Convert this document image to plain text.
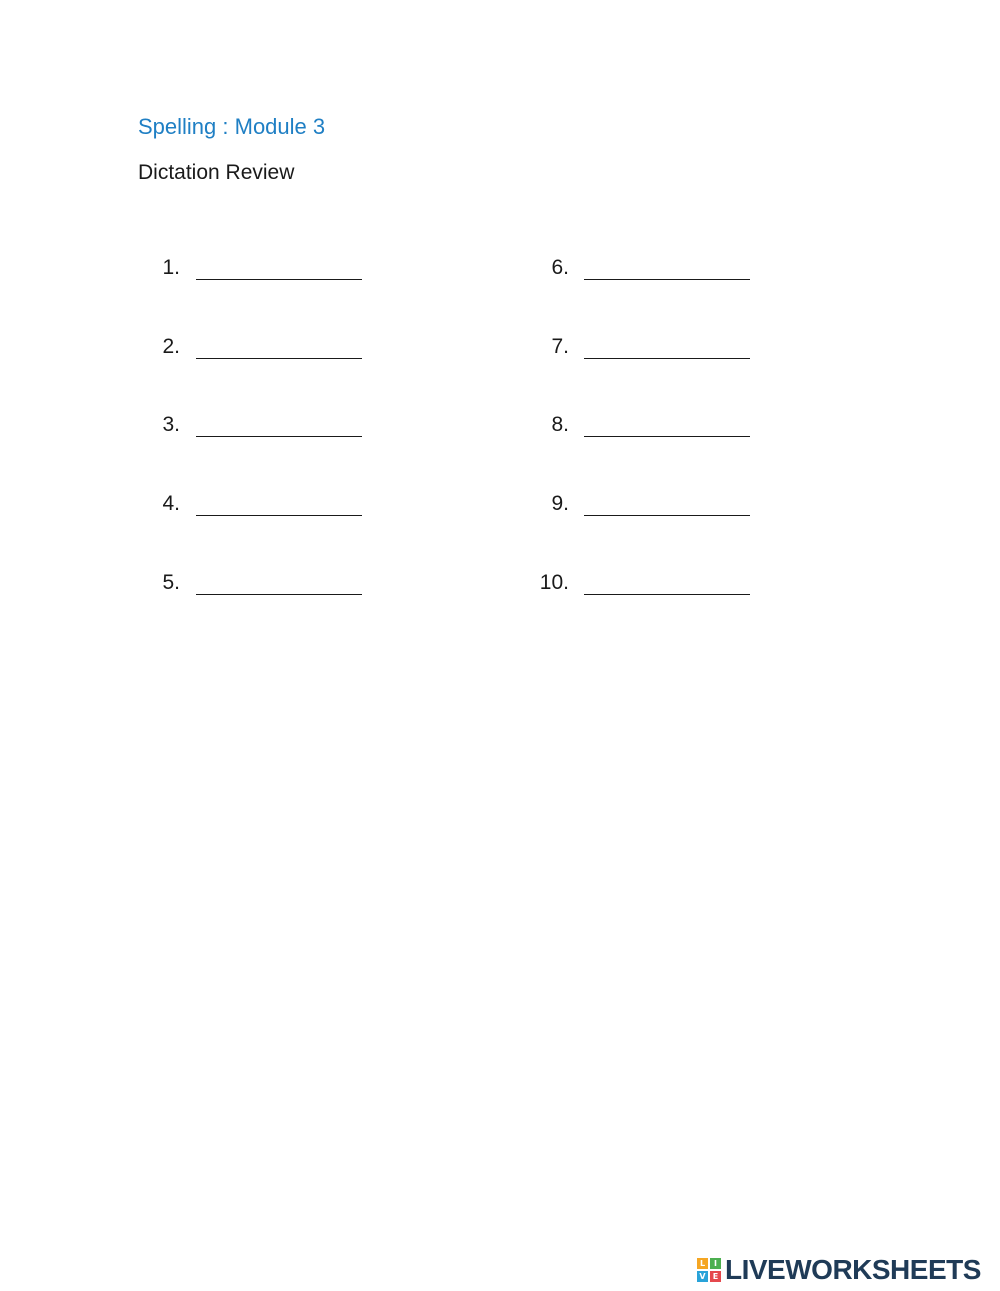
Spelling : Module 3
Dictation Review
1.
2.
3.
4.
5.
6.
7.
8.
9.
10.
L	I
V E LIVEWORKSHEETS
